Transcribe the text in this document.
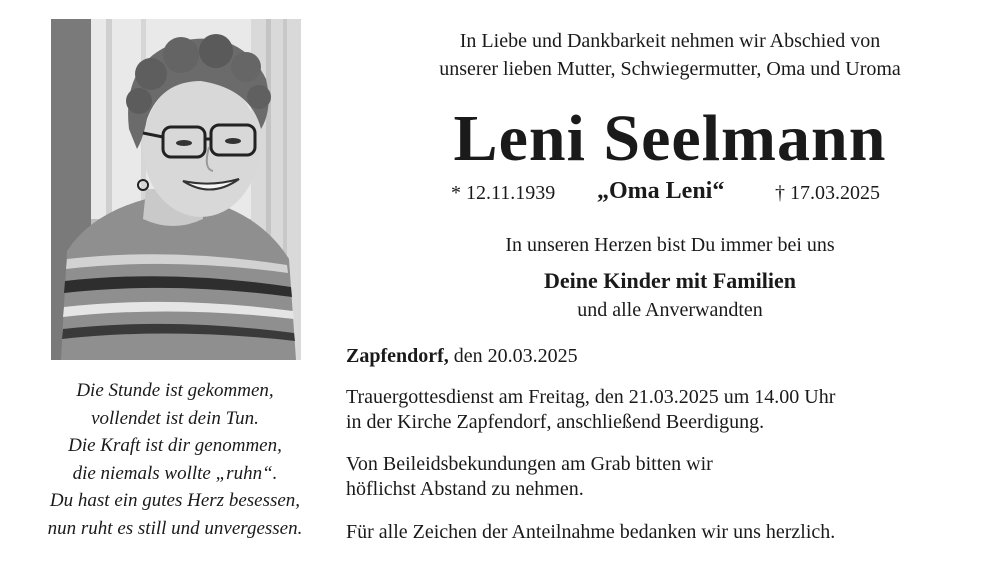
Die Stunde ist gekommen,
vollendet ist dein Tun.
Die Kraft ist dir genommen,
die niemals wollte „ruhn“.
Du hast ein gutes Herz besessen,
nun ruht es still und unvergessen.
In Liebe und Dankbarkeit nehmen wir Abschied von
unserer lieben Mutter, Schwiegermutter, Oma und Uroma
Leni Seelmann
* 12.11.1939 „Oma Leni“	† 17.03.2025
In unseren Herzen bist Du immer bei uns
Deine Kinder mit Familien
und alle Anverwandten
Zapfendorf, den 20.03.2025
Trauergottesdienst am Freitag, den 21.03.2025 um 14.00 Uhr
in der Kirche Zapfendorf, anschließend Beerdigung.
Von Beileidsbekundungen am Grab bitten wir
höflichst Abstand zu nehmen.
Für alle Zeichen der Anteilnahme bedanken wir uns herzlich.
